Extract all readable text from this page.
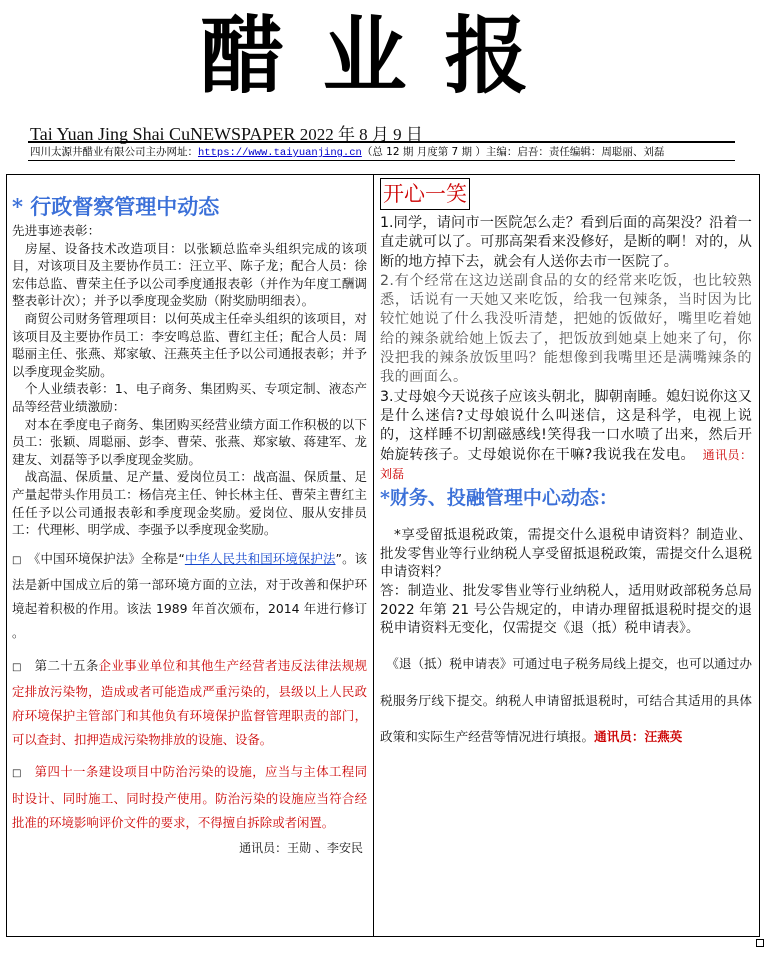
醋业报
Tai Yuan Jing Shai CuNEWSPAPER 2022 年 8 月 9 日
四川太源井醋业有限公司主办网址：https://www.taiyuanjing.cn（总 12 期 月度第 7 期 ）主编：启吾：责任编辑：周聪丽、刘磊
* 行政督察管理中动态

先进事迹表彰：

　房屋、设备技术改造项目：以张颖总监牵头组织完成的该项目，对该项目及主要协作员工：汪立平、陈子龙；配合人员：徐宏伟总监、曹荣主任予以公司季度通报表彰（并作为年度工酬调整表彰计次）；并予以季度现金奖励（附奖励明细表）。

　商贸公司财务管理项目：以何英成主任牵头组织的该项目，对该项目及主要协作员工：李安鸣总监、曹红主任；配合人员：周聪丽主任、张燕、郑家敏、汪燕英主任予以公司通报表彰；并予以季度现金奖励。

　个人业绩表彰：1、电子商务、集团购买、专项定制、液态产品等经营业绩激励：

　对本在季度电子商务、集团购买经营业绩方面工作积极的以下员工：张颖、周聪丽、彭李、曹荣、张燕、郑家敏、蒋建军、龙建友、刘磊等予以季度现金奖励。

　战高温、保质量、足产量、爱岗位员工：战高温、保质量、足产量起带头作用员工：杨信亮主任、钟长林主任、曹荣主曹红主任任予以公司通报表彰和季度现金奖励。爱岗位、服从安排员工：代理彬、明学成、李强予以季度现金奖励。

□　《中国环境保护法》全称是“中华人民共和国环境保护法”。该法是新中国成立后的第一部环境方面的立法，对于改善和保护环境起着积极的作用。该法 1989 年首次颁布，2014 年进行修订 。
□　第二十五条企业事业单位和其他生产经营者违反法律法规规定排放污染物，造成或者可能造成严重污染的，县级以上人民政府环境保护主管部门和其他负有环境保护监督管理职责的部门，可以查封、扣押造成污染物排放的设施、设备。
□　第四十一条建设项目中防治污染的设施，应当与主体工程同时设计、同时施工、同时投产使用。防治污染的设施应当符合经批准的环境影响评价文件的要求，不得擅自拆除或者闲置。
通讯员：王勋 、李安民
开心一笑

1.同学，请问市一医院怎么走？看到后面的高架没？沿着一直走就可以了。可那高架看来没修好，是断的啊！对的，从断的地方掉下去，就会有人送你去市一医院了。

2.有个经常在这边送副食品的女的经常来吃饭，也比较熟悉，话说有一天她又来吃饭，给我一包辣条，当时因为比较忙她说了什么我没听清楚，把她的饭做好，嘴里吃着她给的辣条就给她上饭去了，把饭放到她桌上她来了句，你没把我的辣条放饭里吗？能想像到我嘴里还是满嘴辣条的我的画面么。

3.丈母娘今天说孩子应该头朝北，脚朝南睡。媳妇说你这又是什么迷信?丈母娘说什么叫迷信，这是科学，电视上说的，这样睡不切割磁感线!笑得我一口水喷了出来，然后开始旋转孩子。丈母娘说你在干嘛?我说我在发电。　 通讯员：刘磊

*财务、投融管理中心动态：

　*享受留抵退税政策，需提交什么退税申请资料？制造业、批发零售业等行业纳税人享受留抵退税政策，需提交什么退税申请资料？

答：制造业、批发零售业等行业纳税人，适用财政部税务总局 2022 年第 21 号公告规定的，申请办理留抵退税时提交的退税申请资料无变化，仅需提交《退（抵）税申请表》。

　《退（抵）税申请表》可通过电子税务局线上提交，也可以通过办税服务厅线下提交。纳税人申请留抵退税时，可结合其适用的具体政策和实际生产经营等情况进行填报。通讯员：汪燕英
